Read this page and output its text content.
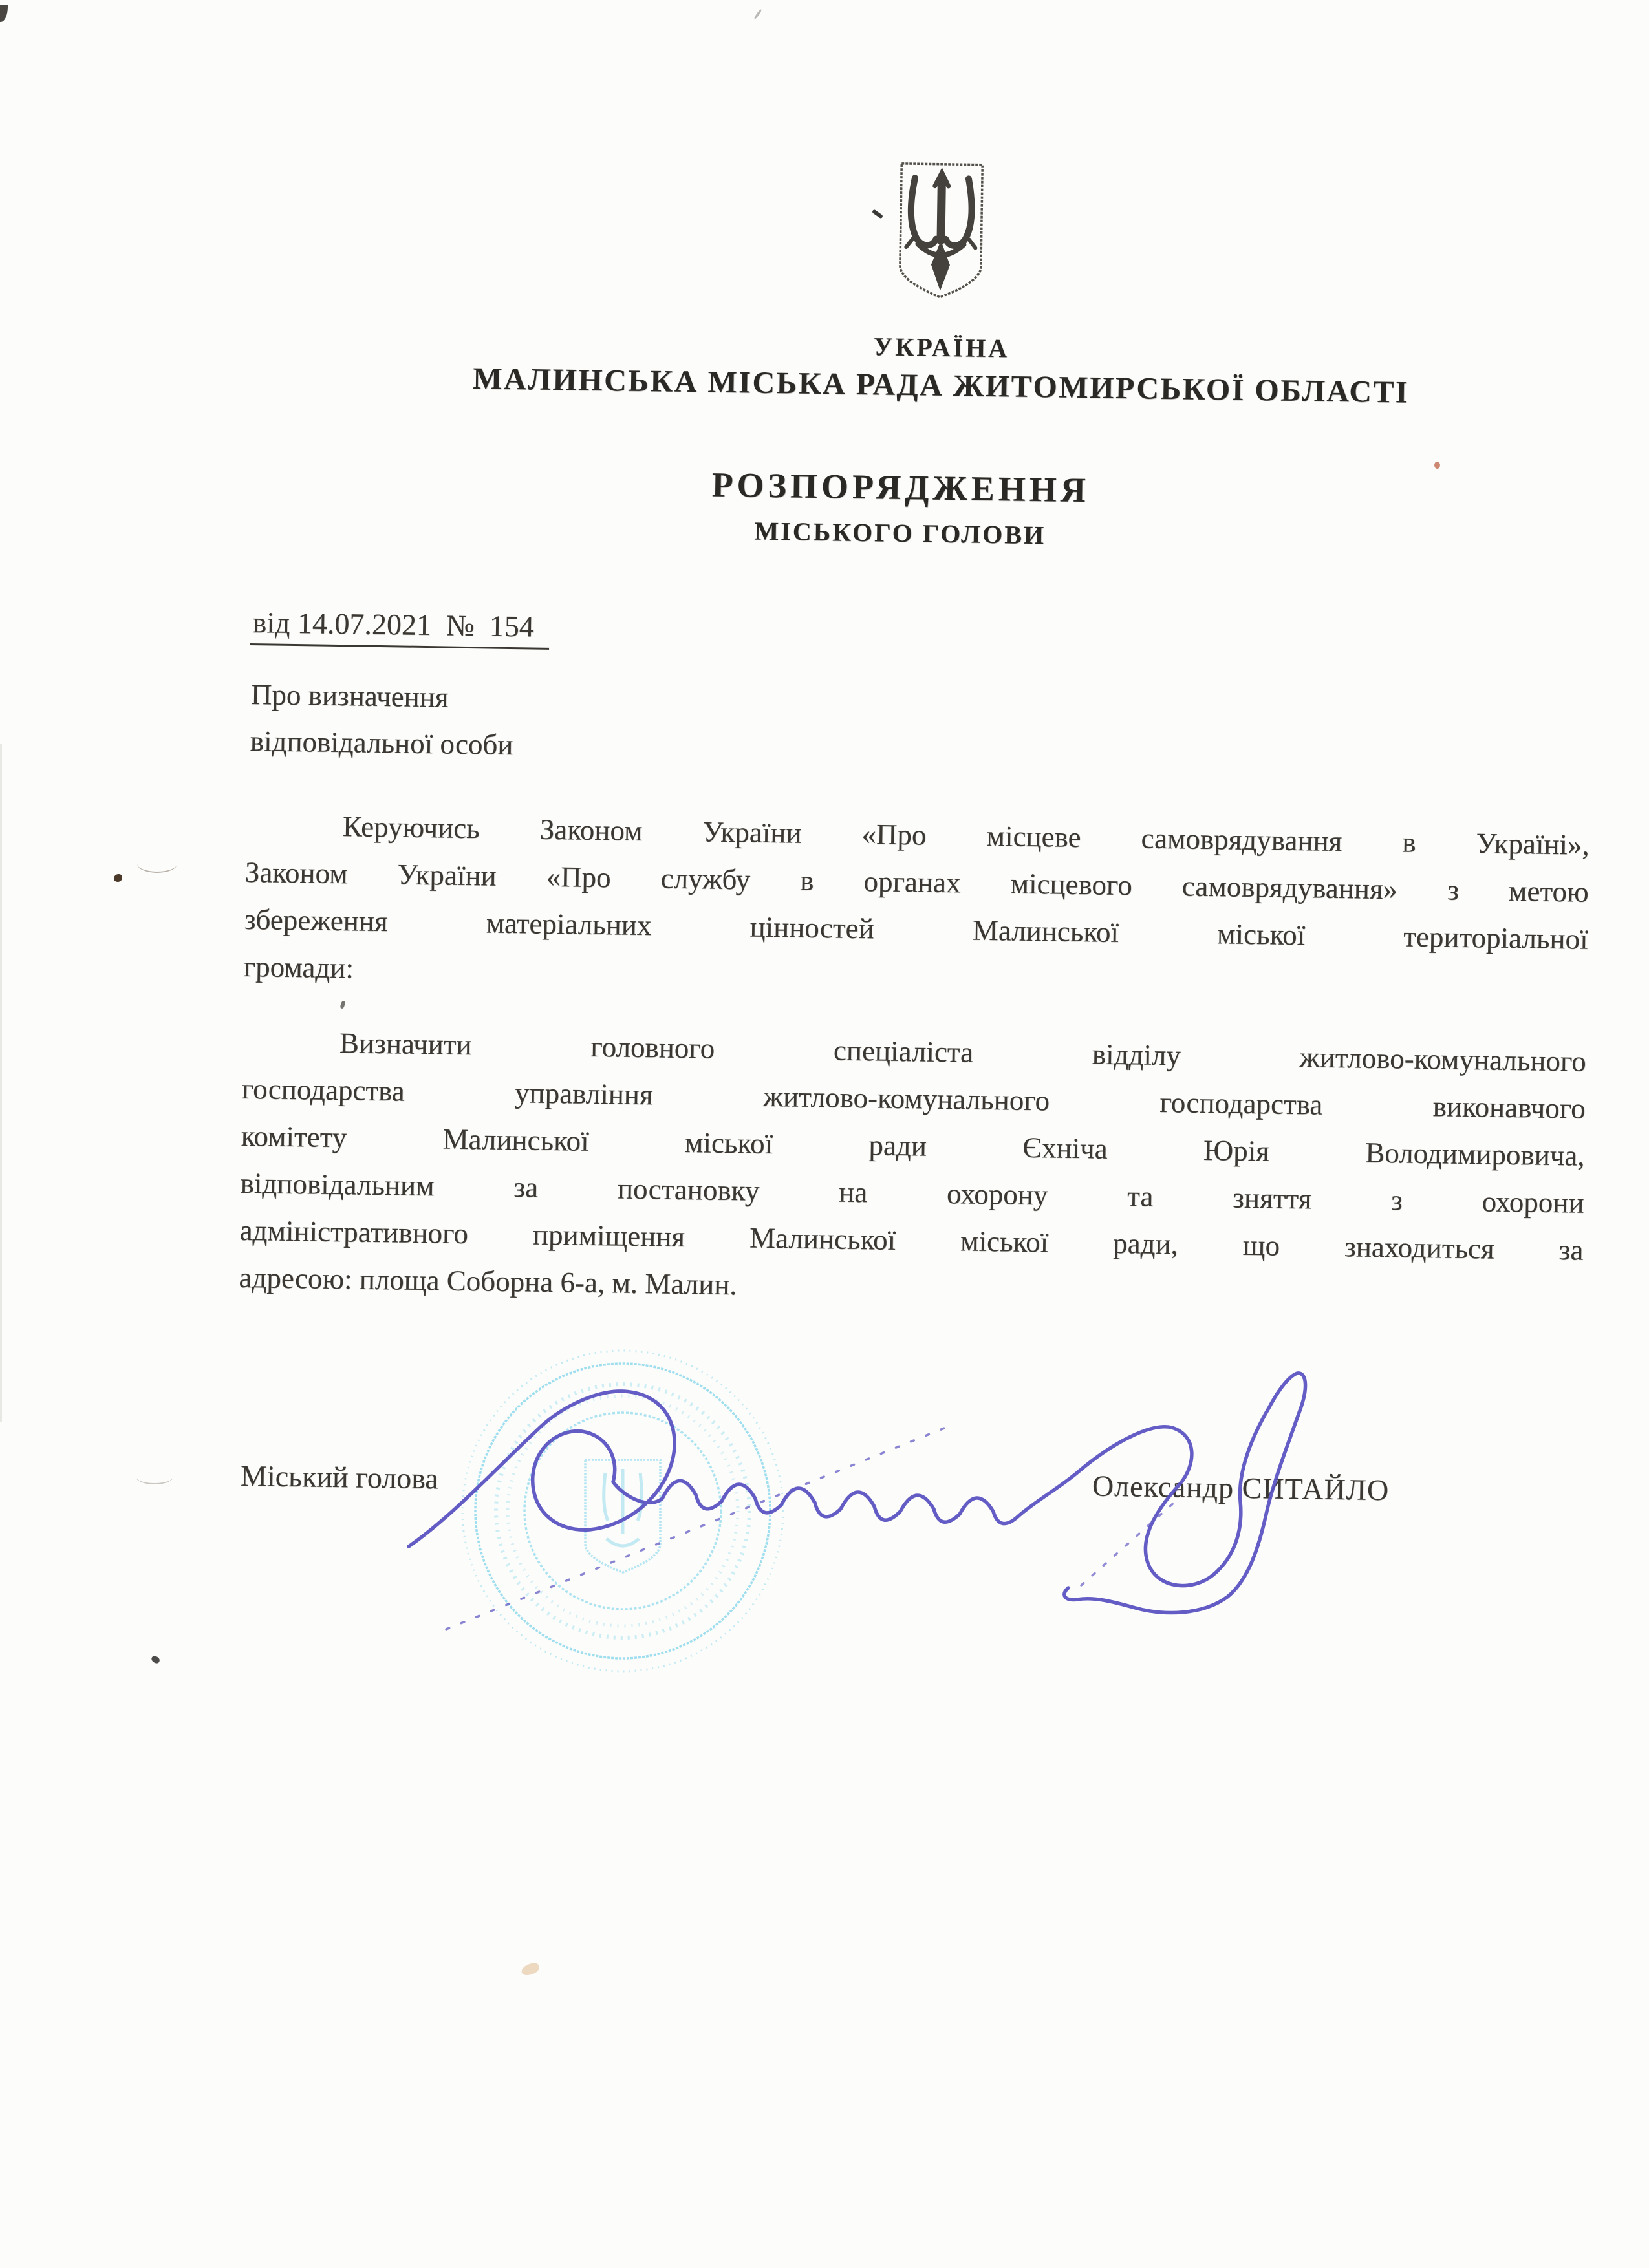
УКРАЇНА
МАЛИНСЬКА МІСЬКА РАДА ЖИТОМИРСЬКОЇ ОБЛАСТІ
РОЗПОРЯДЖЕННЯ
МІСЬКОГО ГОЛОВИ
від 14.07.2021  №  154
Про визначення
відповідальної особи
Керуючись Законом України «Про місцеве самоврядування в Україні»,
Законом України «Про службу в органах місцевого самоврядування» з метою
збереження матеріальних цінностей Малинської міської територіальної
громади:
Визначити головного спеціаліста відділу житлово-комунального
господарства управління житлово-комунального господарства виконавчого
комітету Малинської міської ради Єхніча Юрія Володимировича,
відповідальним за постановку на охорону та зняття з охорони
адміністративного приміщення Малинської міської ради, що знаходиться за
адресою: площа Соборна 6-а, м. Малин.
Міський голова	Олександр СИТАЙЛО
